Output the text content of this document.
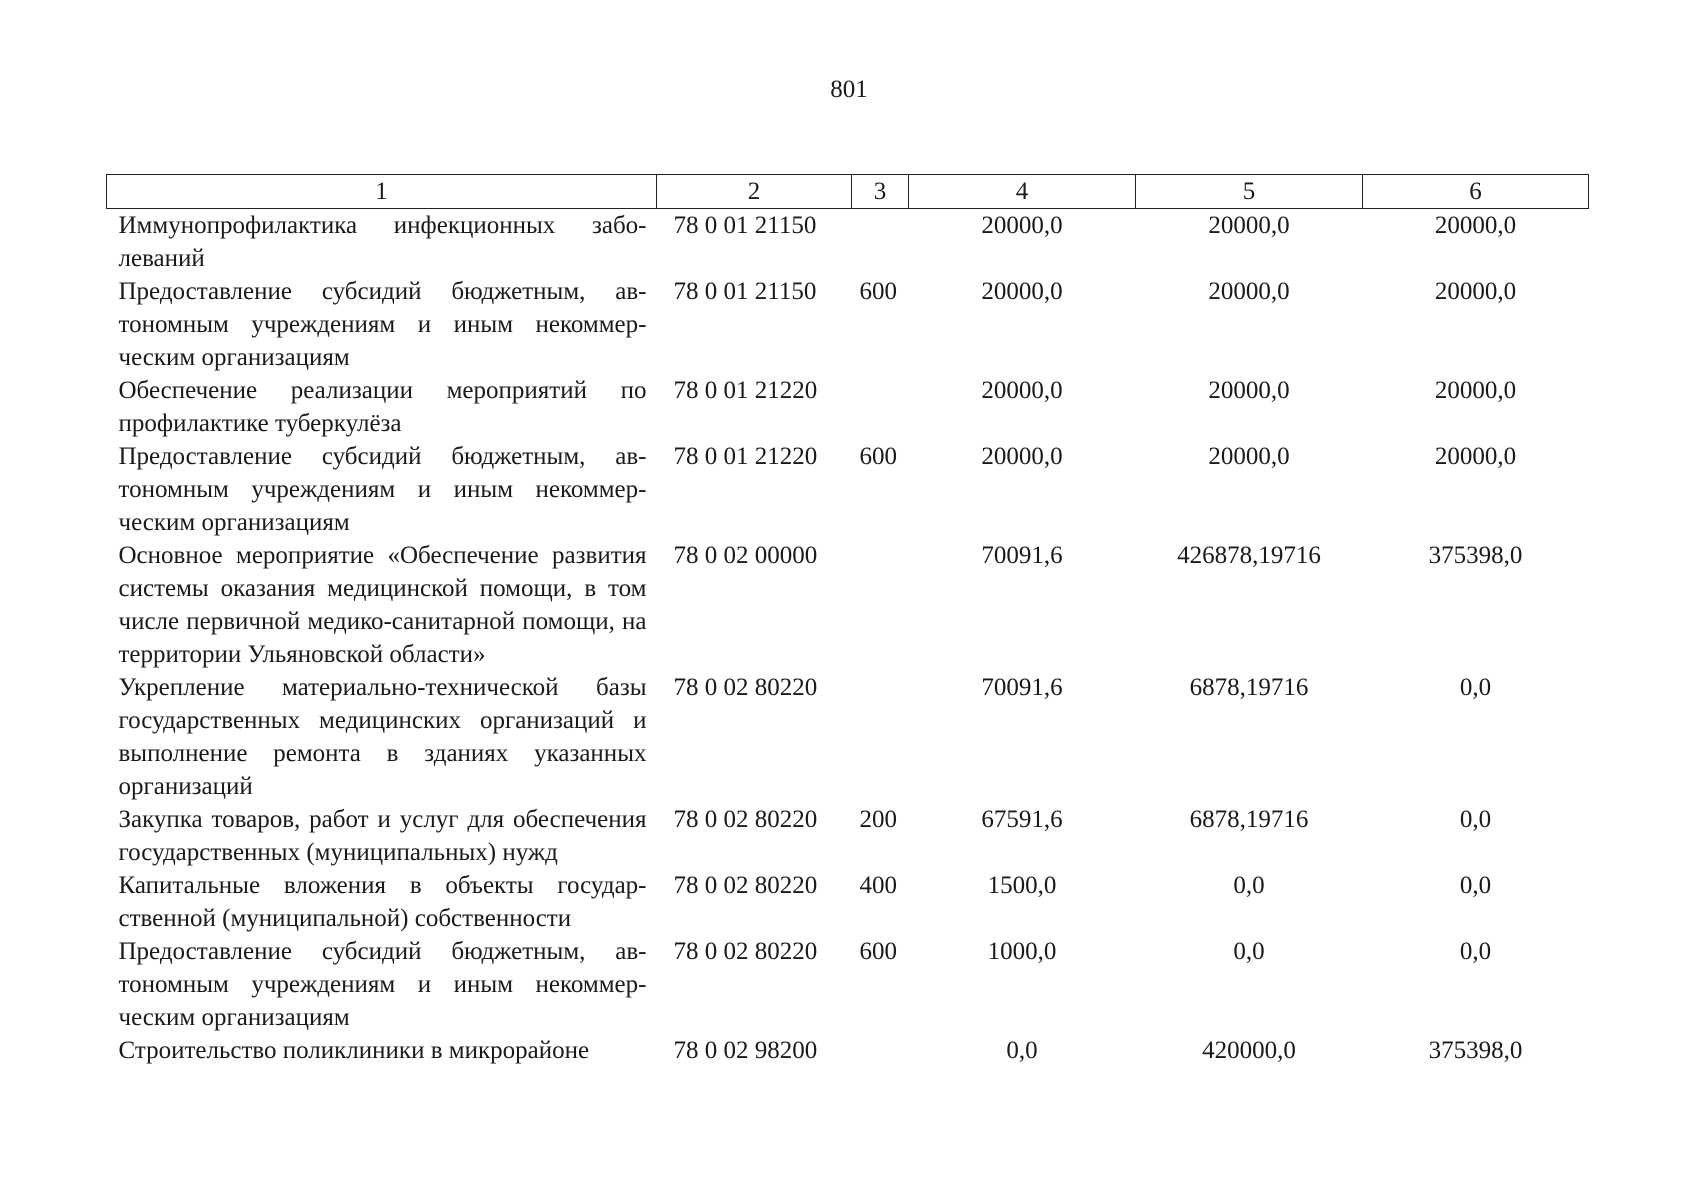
801
1	2	3	4	5	6
Иммунопрофилактика инфекционных заболеваний	78 0 01 21150		20000,0	20000,0	20000,0
Предоставление субсидий бюджетным, автономным учреждениям и иным некоммерческим организациям	78 0 01 21150	600	20000,0	20000,0	20000,0
Обеспечение реализации мероприятий по профилактике туберкулёза	78 0 01 21220		20000,0	20000,0	20000,0
Предоставление субсидий бюджетным, автономным учреждениям и иным некоммерческим организациям	78 0 01 21220	600	20000,0	20000,0	20000,0
Основное мероприятие «Обеспечение развития системы оказания медицинской помощи, в том числе первичной медико-санитарной помощи, на территории Ульяновской области»	78 0 02 00000		70091,6	426878,19716	375398,0
Укрепление материально-технической базы государственных медицинских организаций и выполнение ремонта в зданиях указанных организаций	78 0 02 80220		70091,6	6878,19716	0,0
Закупка товаров, работ и услуг для обеспечения государственных (муниципальных) нужд	78 0 02 80220	200	67591,6	6878,19716	0,0
Капитальные вложения в объекты государственной (муниципальной) собственности	78 0 02 80220	400	1500,0	0,0	0,0
Предоставление субсидий бюджетным, автономным учреждениям и иным некоммерческим организациям	78 0 02 80220	600	1000,0	0,0	0,0
Строительство поликлиники в микрорайоне	78 0 02 98200		0,0	420000,0	375398,0
